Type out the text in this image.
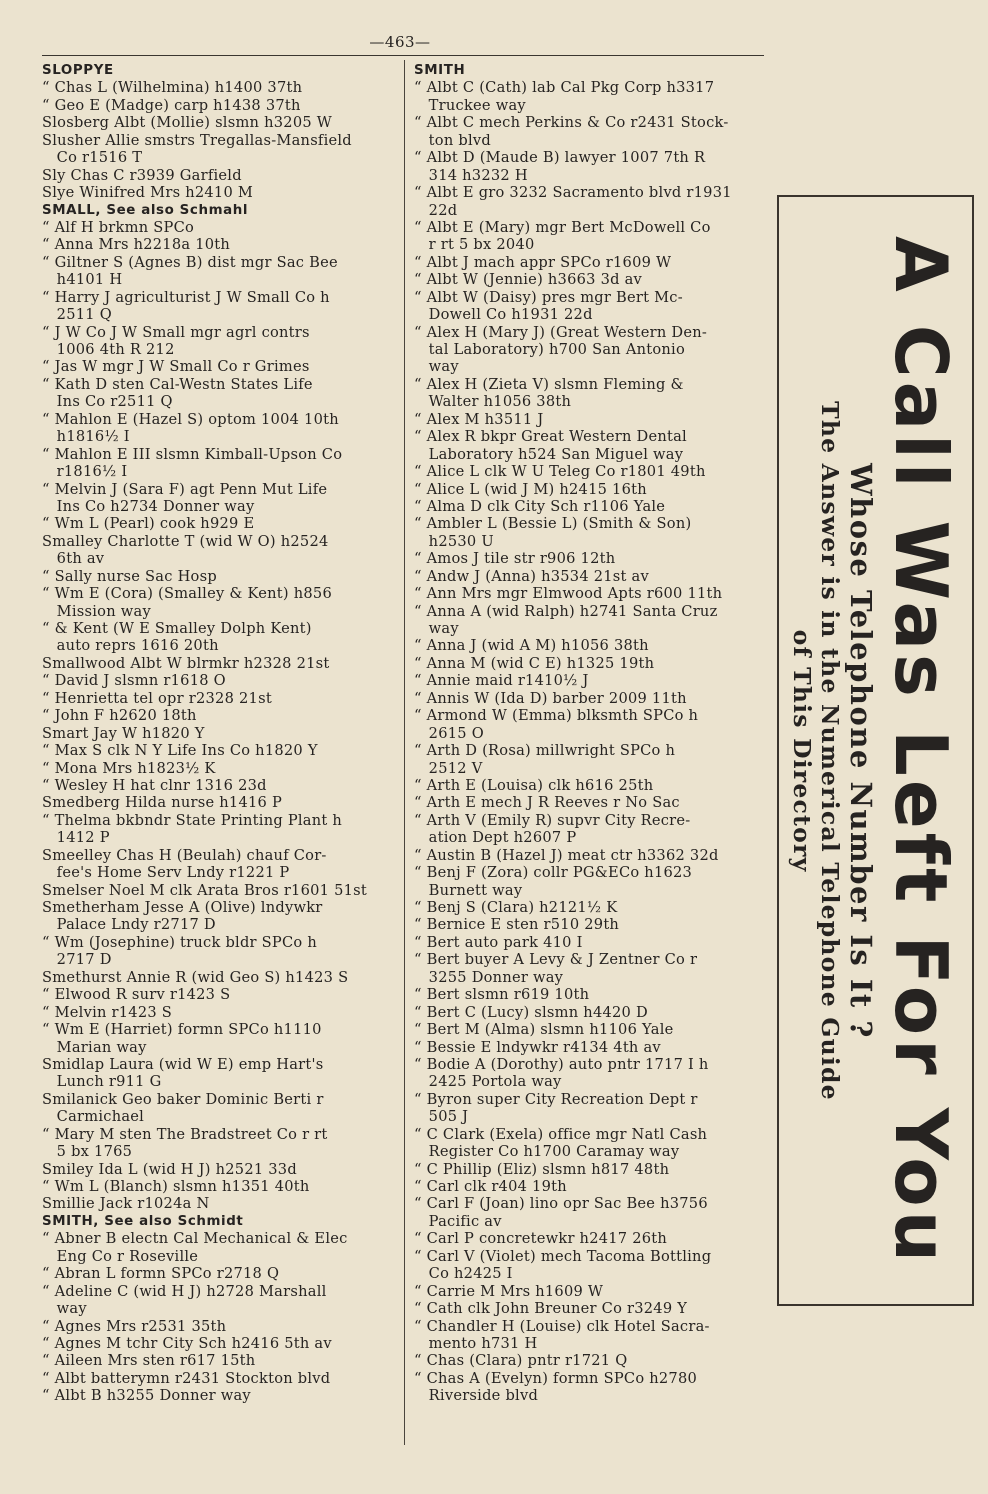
—463—
SLOPPYE
“ Chas L (Wilhelmina) h1400 37th
“ Geo E (Madge) carp h1438 37th
Slosberg Albt (Mollie) slsmn h3205 W
Slusher Allie smstrs Tregallas-Mansfield
Co r1516 T
Sly Chas C r3939 Garfield
Slye Winifred Mrs h2410 M
SMALL, See also Schmahl
“ Alf H brkmn SPCo
“ Anna Mrs h2218a 10th
“ Giltner S (Agnes B) dist mgr Sac Bee
h4101 H
“ Harry J agriculturist J W Small Co h
2511 Q
“ J W Co J W Small mgr agrl contrs
1006 4th R 212
“ Jas W mgr J W Small Co r Grimes
“ Kath D sten Cal-Westn States Life
Ins Co r2511 Q
“ Mahlon E (Hazel S) optom 1004 10th
h1816½ I
“ Mahlon E III slsmn Kimball-Upson Co
r1816½ I
“ Melvin J (Sara F) agt Penn Mut Life
Ins Co h2734 Donner way
“ Wm L (Pearl) cook h929 E
Smalley Charlotte T (wid W O) h2524
6th av
“ Sally nurse Sac Hosp
“ Wm E (Cora) (Smalley & Kent) h856
Mission way
“ & Kent (W E Smalley Dolph Kent)
auto reprs 1616 20th
Smallwood Albt W blrmkr h2328 21st
“ David J slsmn r1618 O
“ Henrietta tel opr r2328 21st
“ John F h2620 18th
Smart Jay W h1820 Y
“ Max S clk N Y Life Ins Co h1820 Y
“ Mona Mrs h1823½ K
“ Wesley H hat clnr 1316 23d
Smedberg Hilda nurse h1416 P
“ Thelma bkbndr State Printing Plant h
1412 P
Smeelley Chas H (Beulah) chauf Cor-
fee's Home Serv Lndy r1221 P
Smelser Noel M clk Arata Bros r1601 51st
Smetherham Jesse A (Olive) lndywkr
Palace Lndy r2717 D
“ Wm (Josephine) truck bldr SPCo h
2717 D
Smethurst Annie R (wid Geo S) h1423 S
“ Elwood R surv r1423 S
“ Melvin r1423 S
“ Wm E (Harriet) formn SPCo h1110
Marian way
Smidlap Laura (wid W E) emp Hart's
Lunch r911 G
Smilanick Geo baker Dominic Berti r
Carmichael
“ Mary M sten The Bradstreet Co r rt
5 bx 1765
Smiley Ida L (wid H J) h2521 33d
“ Wm L (Blanch) slsmn h1351 40th
Smillie Jack r1024a N
SMITH, See also Schmidt
“ Abner B electn Cal Mechanical & Elec
Eng Co r Roseville
“ Abran L formn SPCo r2718 Q
“ Adeline C (wid H J) h2728 Marshall
way
“ Agnes Mrs r2531 35th
“ Agnes M tchr City Sch h2416 5th av
“ Aileen Mrs sten r617 15th
“ Albt batterymn r2431 Stockton blvd
“ Albt B h3255 Donner way
SMITH
“ Albt C (Cath) lab Cal Pkg Corp h3317
Truckee way
“ Albt C mech Perkins & Co r2431 Stock-
ton blvd
“ Albt D (Maude B) lawyer 1007 7th R
314 h3232 H
“ Albt E gro 3232 Sacramento blvd r1931
22d
“ Albt E (Mary) mgr Bert McDowell Co
r rt 5 bx 2040
“ Albt J mach appr SPCo r1609 W
“ Albt W (Jennie) h3663 3d av
“ Albt W (Daisy) pres mgr Bert Mc-
Dowell Co h1931 22d
“ Alex H (Mary J) (Great Western Den-
tal Laboratory) h700 San Antonio
way
“ Alex H (Zieta V) slsmn Fleming &
Walter h1056 38th
“ Alex M h3511 J
“ Alex R bkpr Great Western Dental
Laboratory h524 San Miguel way
“ Alice L clk W U Teleg Co r1801 49th
“ Alice L (wid J M) h2415 16th
“ Alma D clk City Sch r1106 Yale
“ Ambler L (Bessie L) (Smith & Son)
h2530 U
“ Amos J tile str r906 12th
“ Andw J (Anna) h3534 21st av
“ Ann Mrs mgr Elmwood Apts r600 11th
“ Anna A (wid Ralph) h2741 Santa Cruz
way
“ Anna J (wid A M) h1056 38th
“ Anna M (wid C E) h1325 19th
“ Annie maid r1410½ J
“ Annis W (Ida D) barber 2009 11th
“ Armond W (Emma) blksmth SPCo h
2615 O
“ Arth D (Rosa) millwright SPCo h
2512 V
“ Arth E (Louisa) clk h616 25th
“ Arth E mech J R Reeves r No Sac
“ Arth V (Emily R) supvr City Recre-
ation Dept h2607 P
“ Austin B (Hazel J) meat ctr h3362 32d
“ Benj F (Zora) collr PG&ECo h1623
Burnett way
“ Benj S (Clara) h2121½ K
“ Bernice E sten r510 29th
“ Bert auto park 410 I
“ Bert buyer A Levy & J Zentner Co r
3255 Donner way
“ Bert slsmn r619 10th
“ Bert C (Lucy) slsmn h4420 D
“ Bert M (Alma) slsmn h1106 Yale
“ Bessie E lndywkr r4134 4th av
“ Bodie A (Dorothy) auto pntr 1717 I h
2425 Portola way
“ Byron super City Recreation Dept r
505 J
“ C Clark (Exela) office mgr Natl Cash
Register Co h1700 Caramay way
“ C Phillip (Eliz) slsmn h817 48th
“ Carl clk r404 19th
“ Carl F (Joan) lino opr Sac Bee h3756
Pacific av
“ Carl P concretewkr h2417 26th
“ Carl V (Violet) mech Tacoma Bottling
Co h2425 I
“ Carrie M Mrs h1609 W
“ Cath clk John Breuner Co r3249 Y
“ Chandler H (Louise) clk Hotel Sacra-
mento h731 H
“ Chas (Clara) pntr r1721 Q
“ Chas A (Evelyn) formn SPCo h2780
Riverside blvd
A Call Was Left For You
Whose Telephone Number Is It ?
The Answer is in the Numerical Telephone Guide
of This Directory
